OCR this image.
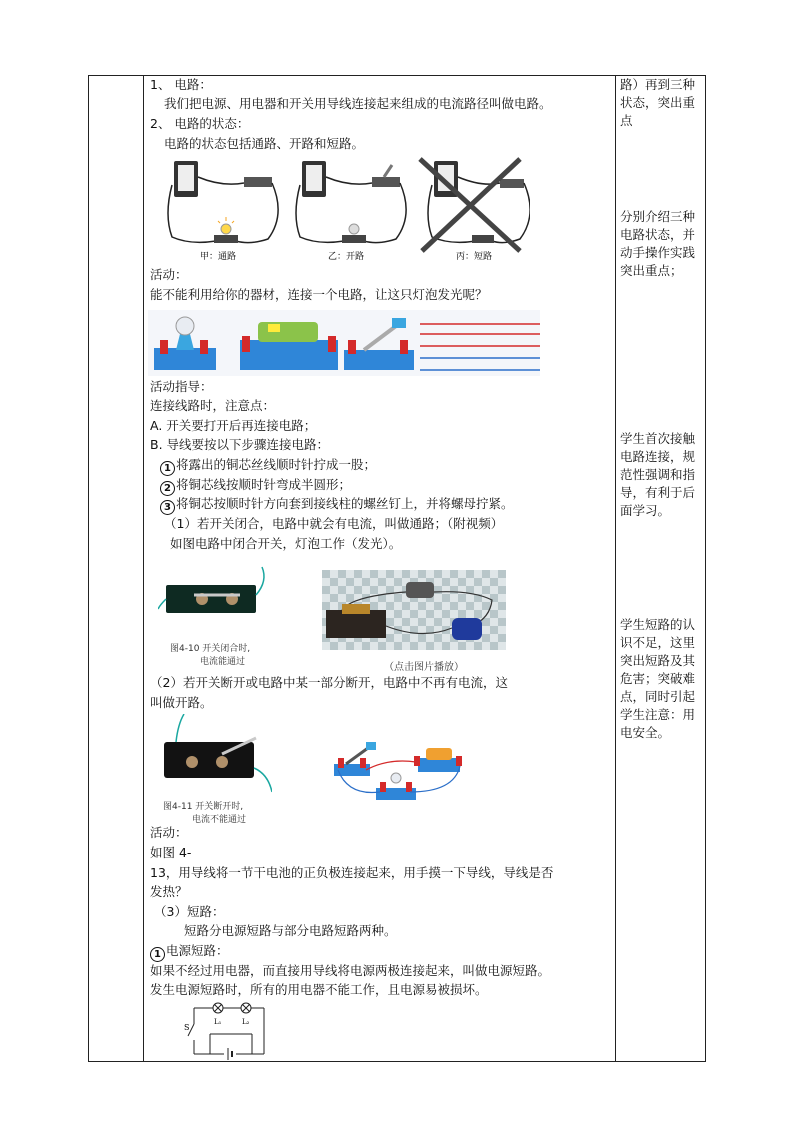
1、 电路：
我们把电源、用电器和开关用导线连接起来组成的电流路径叫做电路。
2、 电路的状态：
电路的状态包括通路、开路和短路。
甲：通路	乙：开路	丙：短路
活动：
能不能利用给你的器材，连接一个电路，让这只灯泡发光呢？
活动指导：
连接线路时，注意点：
A. 开关要打开后再连接电路；
B. 导线要按以下步骤连接电路：
1 将露出的铜芯丝线顺时针拧成一股；
2 将铜芯线按顺时针弯成半圆形；
3 将铜芯按顺时针方向套到接线柱的螺丝钉上，并将螺母拧紧。
（1）若开关闭合，电路中就会有电流，叫做通路；（附视频）
如图电路中闭合开关，灯泡工作（发光）。
图4-10 开关闭合时,
电流能通过	（点击图片播放）
（2）若开关断开或电路中某一部分断开，电路中不再有电流，这
叫做开路。
图4-11 开关断开时,
电流不能通过
活动：
如图 4-
13，用导线将一节干电池的正负极连接起来，用手摸一下导线，导线是否
发热？
（3）短路：
短路分电源短路与部分电路短路两种。
1 电源短路：
如果不经过用电器，而直接用导线将电源两极连接起来，叫做电源短路。
发生电源短路时，所有的用电器不能工作，且电源易被损坏。
S
L₁	L₂
路）再到三种状态，突出重点
分别介绍三种电路状态，并动手操作实践突出重点；
学生首次接触电路连接，规范性强调和指导，有利于后面学习。
学生短路的认识不足，这里突出短路及其危害；突破难点，同时引起学生注意：用电安全。
